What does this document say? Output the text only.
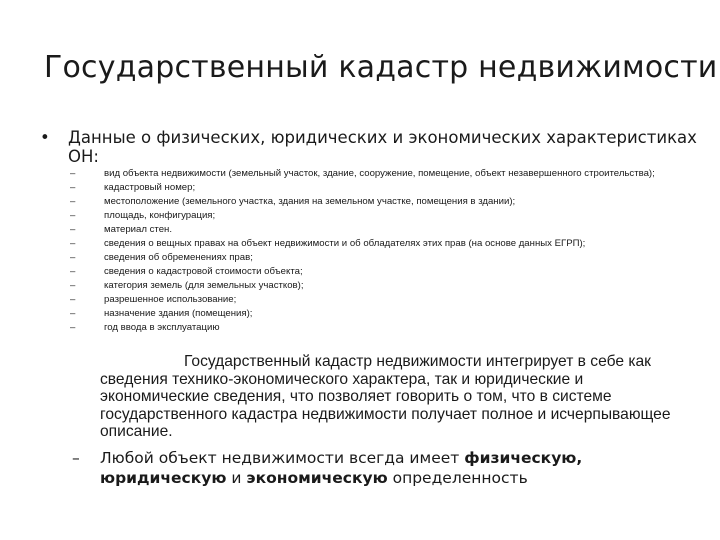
Государственный кадастр недвижимости
• Данные о физических, юридических и экономических характеристиках ОН:
–	вид объекта недвижимости (земельный участок, здание, сооружение, помещение, объект незавершенного строительства);
–	кадастровый номер;
–	местоположение (земельного участка, здания на земельном участке, помещения в здании);
–	площадь, конфигурация;
–	материал стен.
–	сведения о вещных правах на объект недвижимости и об обладателях этих прав (на основе данных ЕГРП);
–	сведения об обременениях прав;
–	сведения о кадастровой стоимости объекта;
–	категория земель (для земельных участков);
–	разрешенное использование;
–	назначение здания (помещения);
–	год ввода в эксплуатацию
Государственный кадастр недвижимости интегрирует в себе как сведения технико-экономического характера, так и юридические и экономические сведения, что позволяет говорить о том, что в системе государственного кадастра недвижимости получает полное и исчерпывающее описание.
– Любой объект недвижимости всегда имеет физическую, юридическую и экономическую определенность
